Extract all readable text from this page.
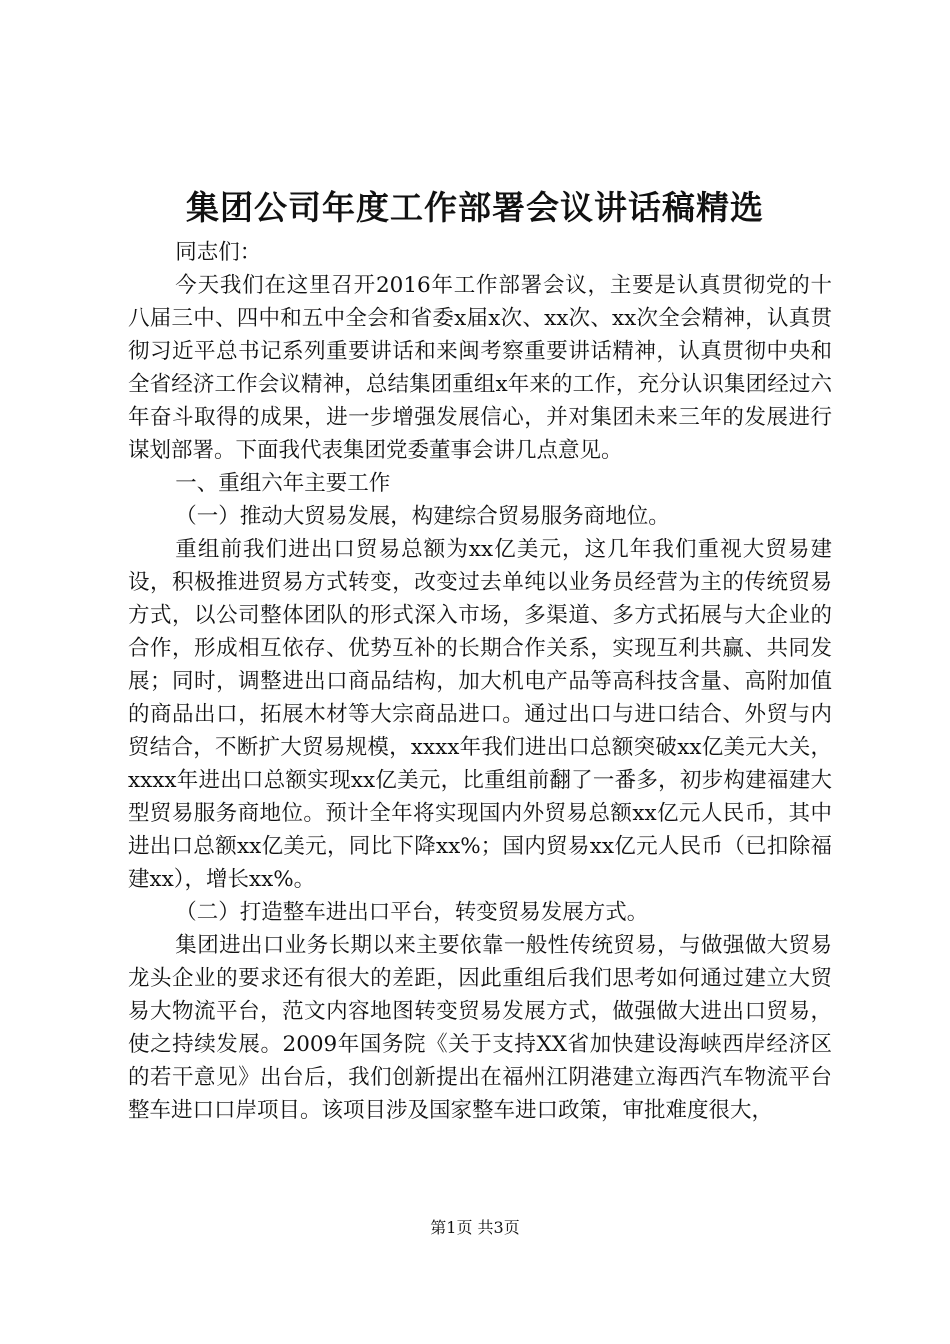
集团公司年度工作部署会议讲话稿精选

同志们：

今天我们在这里召开2016年工作部署会议，主要是认真贯彻党的十八届三中、四中和五中全会和省委x届x次、xx次、xx次全会精神，认真贯彻习近平总书记系列重要讲话和来闽考察重要讲话精神，认真贯彻中央和全省经济工作会议精神，总结集团重组x年来的工作，充分认识集团经过六年奋斗取得的成果，进一步增强发展信心，并对集团未来三年的发展进行谋划部署。下面我代表集团党委董事会讲几点意见。

一、重组六年主要工作

（一）推动大贸易发展，构建综合贸易服务商地位。

重组前我们进出口贸易总额为xx亿美元，这几年我们重视大贸易建设，积极推进贸易方式转变，改变过去单纯以业务员经营为主的传统贸易方式，以公司整体团队的形式深入市场，多渠道、多方式拓展与大企业的合作，形成相互依存、优势互补的长期合作关系，实现互利共赢、共同发展；同时，调整进出口商品结构，加大机电产品等高科技含量、高附加值的商品出口，拓展木材等大宗商品进口。通过出口与进口结合、外贸与内贸结合，不断扩大贸易规模，xxxx年我们进出口总额突破xx亿美元大关，xxxx年进出口总额实现xx亿美元，比重组前翻了一番多，初步构建福建大型贸易服务商地位。预计全年将实现国内外贸易总额xx亿元人民币，其中进出口总额xx亿美元，同比下降xx%；国内贸易xx亿元人民币（已扣除福建xx），增长xx%。

（二）打造整车进出口平台，转变贸易发展方式。

集团进出口业务长期以来主要依靠一般性传统贸易，与做强做大贸易龙头企业的要求还有很大的差距，因此重组后我们思考如何通过建立大贸易大物流平台，范文内容地图转变贸易发展方式，做强做大进出口贸易，使之持续发展。2009年国务院《关于支持XX省加快建设海峡西岸经济区的若干意见》出台后，我们创新提出在福州江阴港建立海西汽车物流平台整车进口口岸项目。该项目涉及国家整车进口政策，审批难度很大，

第1页 共3页
